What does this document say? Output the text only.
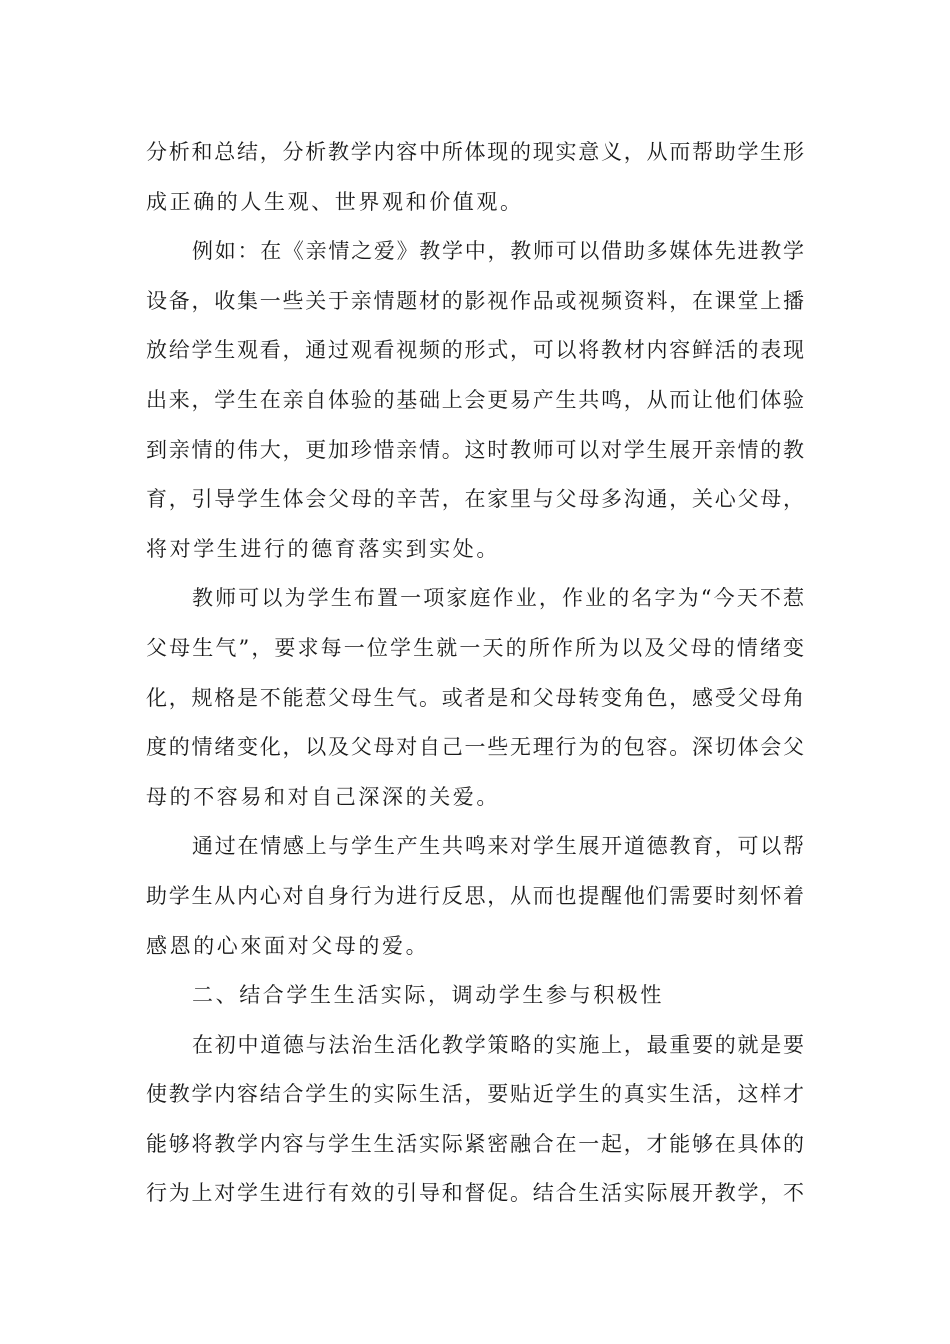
分析和总结，分析教学内容中所体现的现实意义，从而帮助学生形
成正确的人生观、世界观和价值观。
例如：在《亲情之爱》教学中，教师可以借助多媒体先进教学
设备，收集一些关于亲情题材的影视作品或视频资料，在课堂上播
放给学生观看，通过观看视频的形式，可以将教材内容鲜活的表现
出来，学生在亲自体验的基础上会更易产生共鸣，从而让他们体验
到亲情的伟大，更加珍惜亲情。这时教师可以对学生展开亲情的教
育，引导学生体会父母的辛苦，在家里与父母多沟通，关心父母，
将对学生进行的德育落实到实处。
教师可以为学生布置一项家庭作业，作业的名字为“今天不惹
父母生气”，要求每一位学生就一天的所作所为以及父母的情绪变
化，规格是不能惹父母生气。或者是和父母转变角色，感受父母角
度的情绪变化，以及父母对自己一些无理行为的包容。深切体会父
母的不容易和对自己深深的关爱。
通过在情感上与学生产生共鸣来对学生展开道德教育，可以帮
助学生从内心对自身行为进行反思，从而也提醒他们需要时刻怀着
感恩的心來面对父母的爱。
二、结合学生生活实际，调动学生参与积极性
在初中道德与法治生活化教学策略的实施上，最重要的就是要
使教学内容结合学生的实际生活，要贴近学生的真实生活，这样才
能够将教学内容与学生生活实际紧密融合在一起，才能够在具体的
行为上对学生进行有效的引导和督促。结合生活实际展开教学，不
